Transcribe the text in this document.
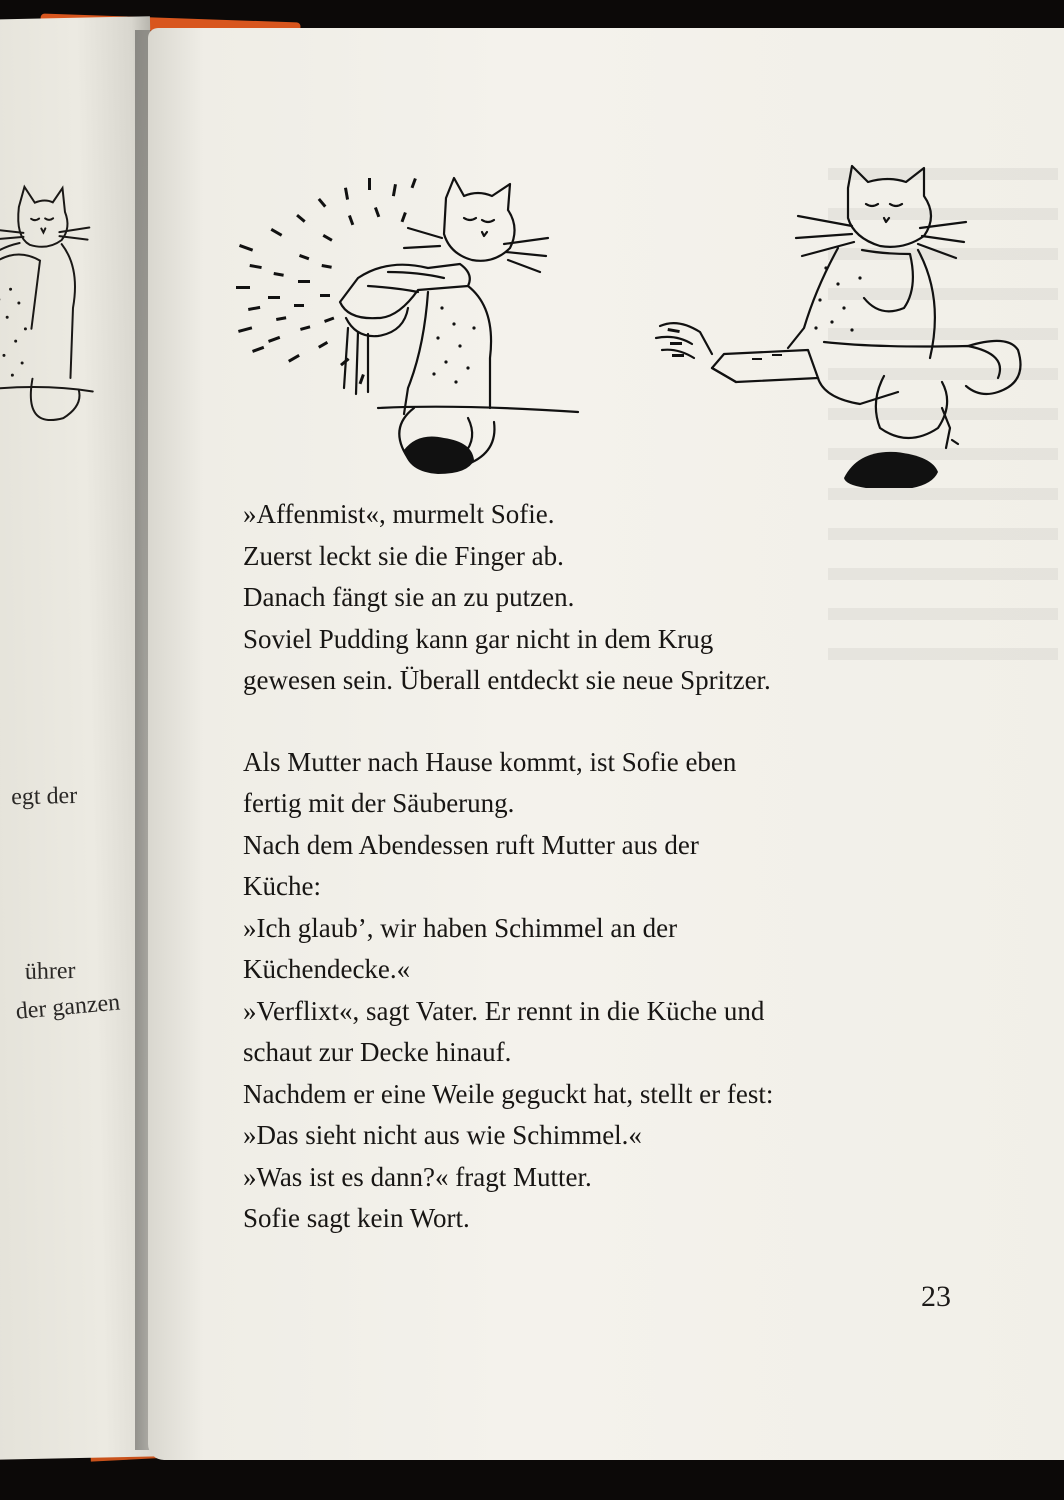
egt der
ührer
der ganzen
»Affenmist«, murmelt Sofie.
Zuerst leckt sie die Finger ab.
Danach fängt sie an zu putzen.
Soviel Pudding kann gar nicht in dem Krug
gewesen sein. Überall entdeckt sie neue Spritzer.
Als Mutter nach Hause kommt, ist Sofie eben
fertig mit der Säuberung.
Nach dem Abendessen ruft Mutter aus der
Küche:
»Ich glaub’, wir haben Schimmel an der
Küchendecke.«
»Verflixt«, sagt Vater. Er rennt in die Küche und
schaut zur Decke hinauf.
Nachdem er eine Weile geguckt hat, stellt er fest:
»Das sieht nicht aus wie Schimmel.«
»Was ist es dann?« fragt Mutter.
Sofie sagt kein Wort.
23
